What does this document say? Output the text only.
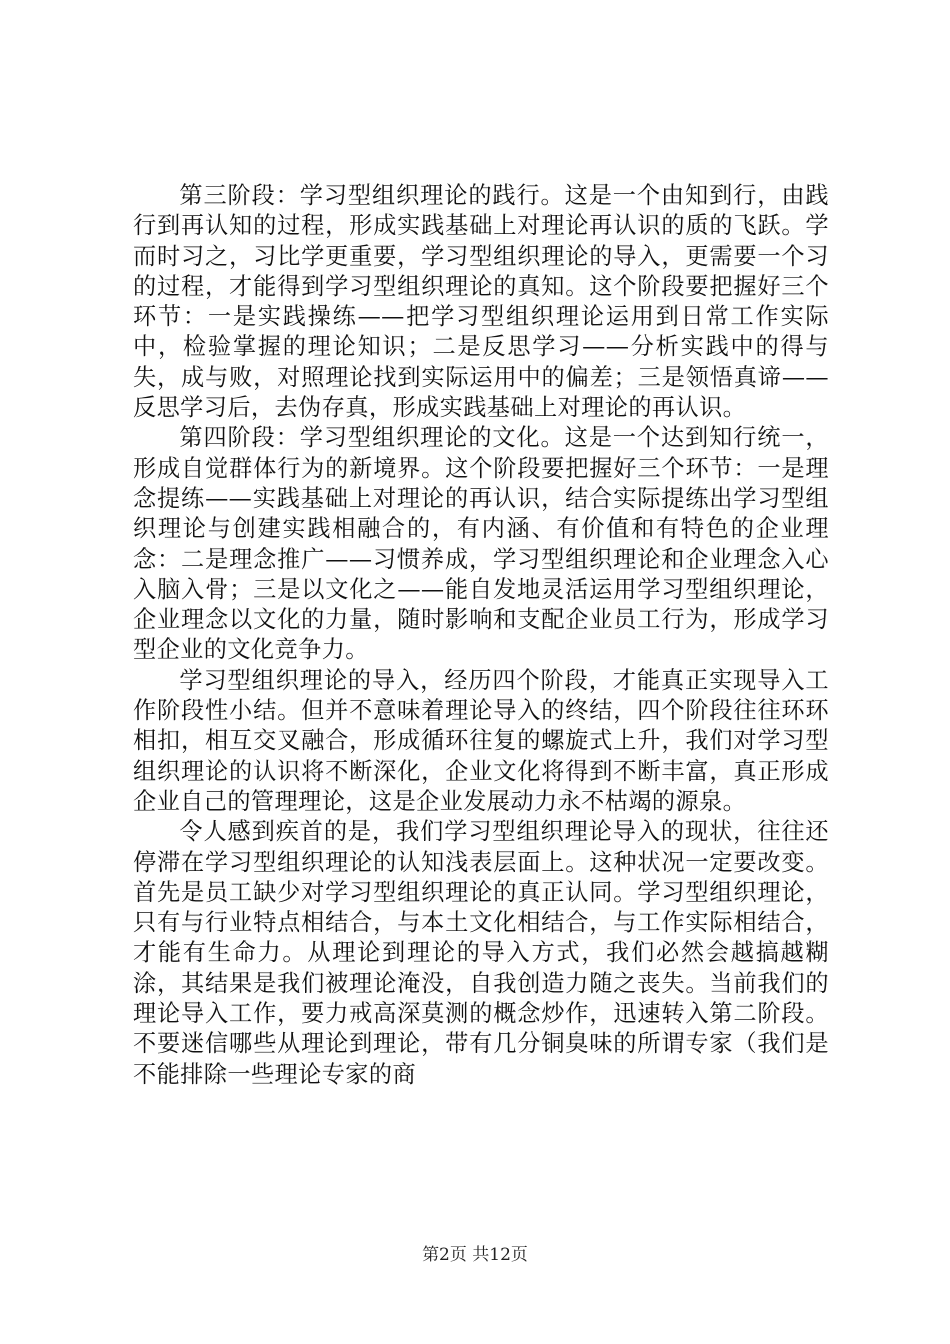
第三阶段：学习型组织理论的践行。这是一个由知到行，由践行到再认知的过程，形成实践基础上对理论再认识的质的飞跃。学而时习之，习比学更重要，学习型组织理论的导入，更需要一个习的过程，才能得到学习型组织理论的真知。这个阶段要把握好三个环节：一是实践操练——把学习型组织理论运用到日常工作实际中，检验掌握的理论知识；二是反思学习——分析实践中的得与失，成与败，对照理论找到实际运用中的偏差；三是领悟真谛——反思学习后，去伪存真，形成实践基础上对理论的再认识。

第四阶段：学习型组织理论的文化。这是一个达到知行统一，形成自觉群体行为的新境界。这个阶段要把握好三个环节：一是理念提练——实践基础上对理论的再认识，结合实际提练出学习型组织理论与创建实践相融合的，有内涵、有价值和有特色的企业理念：二是理念推广——习惯养成，学习型组织理论和企业理念入心入脑入骨；三是以文化之——能自发地灵活运用学习型组织理论，企业理念以文化的力量，随时影响和支配企业员工行为，形成学习型企业的文化竞争力。

学习型组织理论的导入，经历四个阶段，才能真正实现导入工作阶段性小结。但并不意味着理论导入的终结，四个阶段往往环环相扣，相互交叉融合，形成循环往复的螺旋式上升，我们对学习型组织理论的认识将不断深化，企业文化将得到不断丰富，真正形成企业自己的管理理论，这是企业发展动力永不枯竭的源泉。

令人感到疾首的是，我们学习型组织理论导入的现状，往往还停滞在学习型组织理论的认知浅表层面上。这种状况一定要改变。首先是员工缺少对学习型组织理论的真正认同。学习型组织理论，只有与行业特点相结合，与本土文化相结合，与工作实际相结合，才能有生命力。从理论到理论的导入方式，我们必然会越搞越糊涂，其结果是我们被理论淹没，自我创造力随之丧失。当前我们的理论导入工作，要力戒高深莫测的概念炒作，迅速转入第二阶段。不要迷信哪些从理论到理论，带有几分铜臭味的所谓专家（我们是不能排除一些理论专家的商

第2页 共12页
